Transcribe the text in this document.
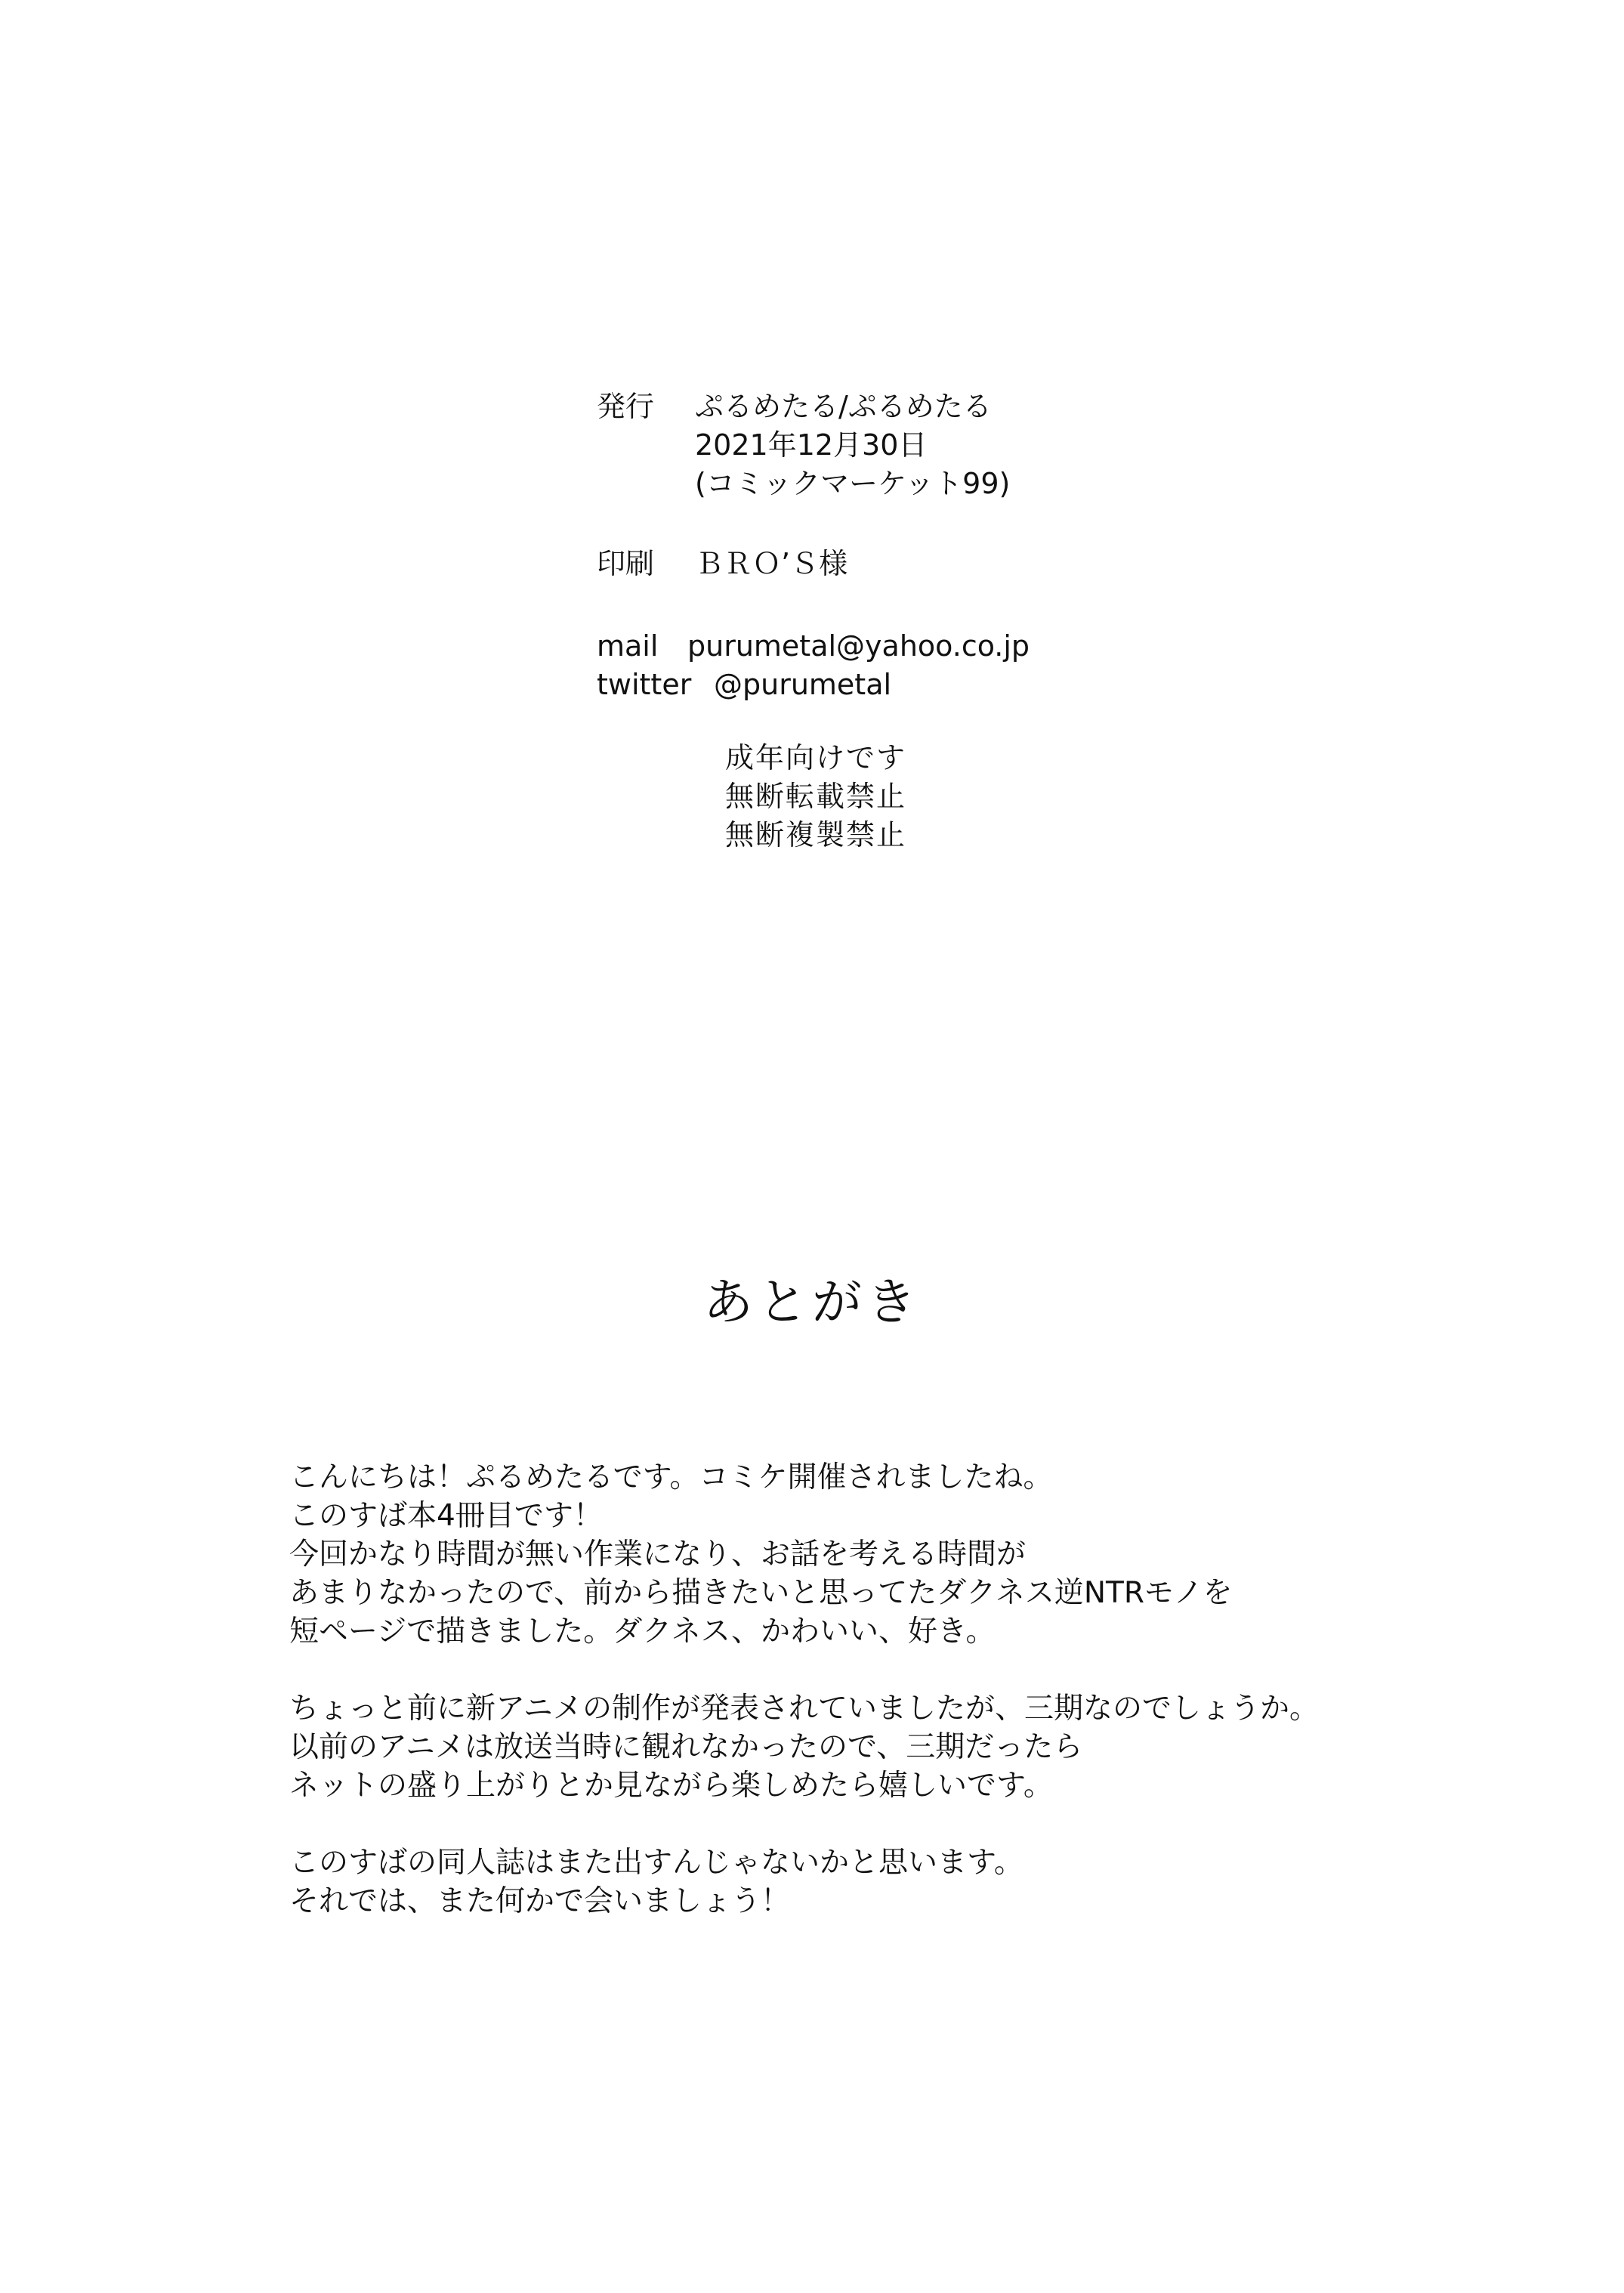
発行	ぷるめたる/ぷるめたる
2021年12月30日
(コミックマーケット99)
印刷	ＢＲＯ’Ｓ様
mail	purumetal@yahoo.co.jp
twitter @purumetal
成年向けです
無断転載禁止
無断複製禁止
あとがき
こんにちは！ぷるめたるです。コミケ開催されましたね。
このすば本4冊目です！
今回かなり時間が無い作業になり、お話を考える時間が
あまりなかったので、前から描きたいと思ってたダクネス逆NTRモノを
短ページで描きました。ダクネス、かわいい、好き。
ちょっと前に新アニメの制作が発表されていましたが、三期なのでしょうか。
以前のアニメは放送当時に観れなかったので、三期だったら
ネットの盛り上がりとか見ながら楽しめたら嬉しいです。
このすばの同人誌はまた出すんじゃないかと思います。
それでは、また何かで会いましょう！
